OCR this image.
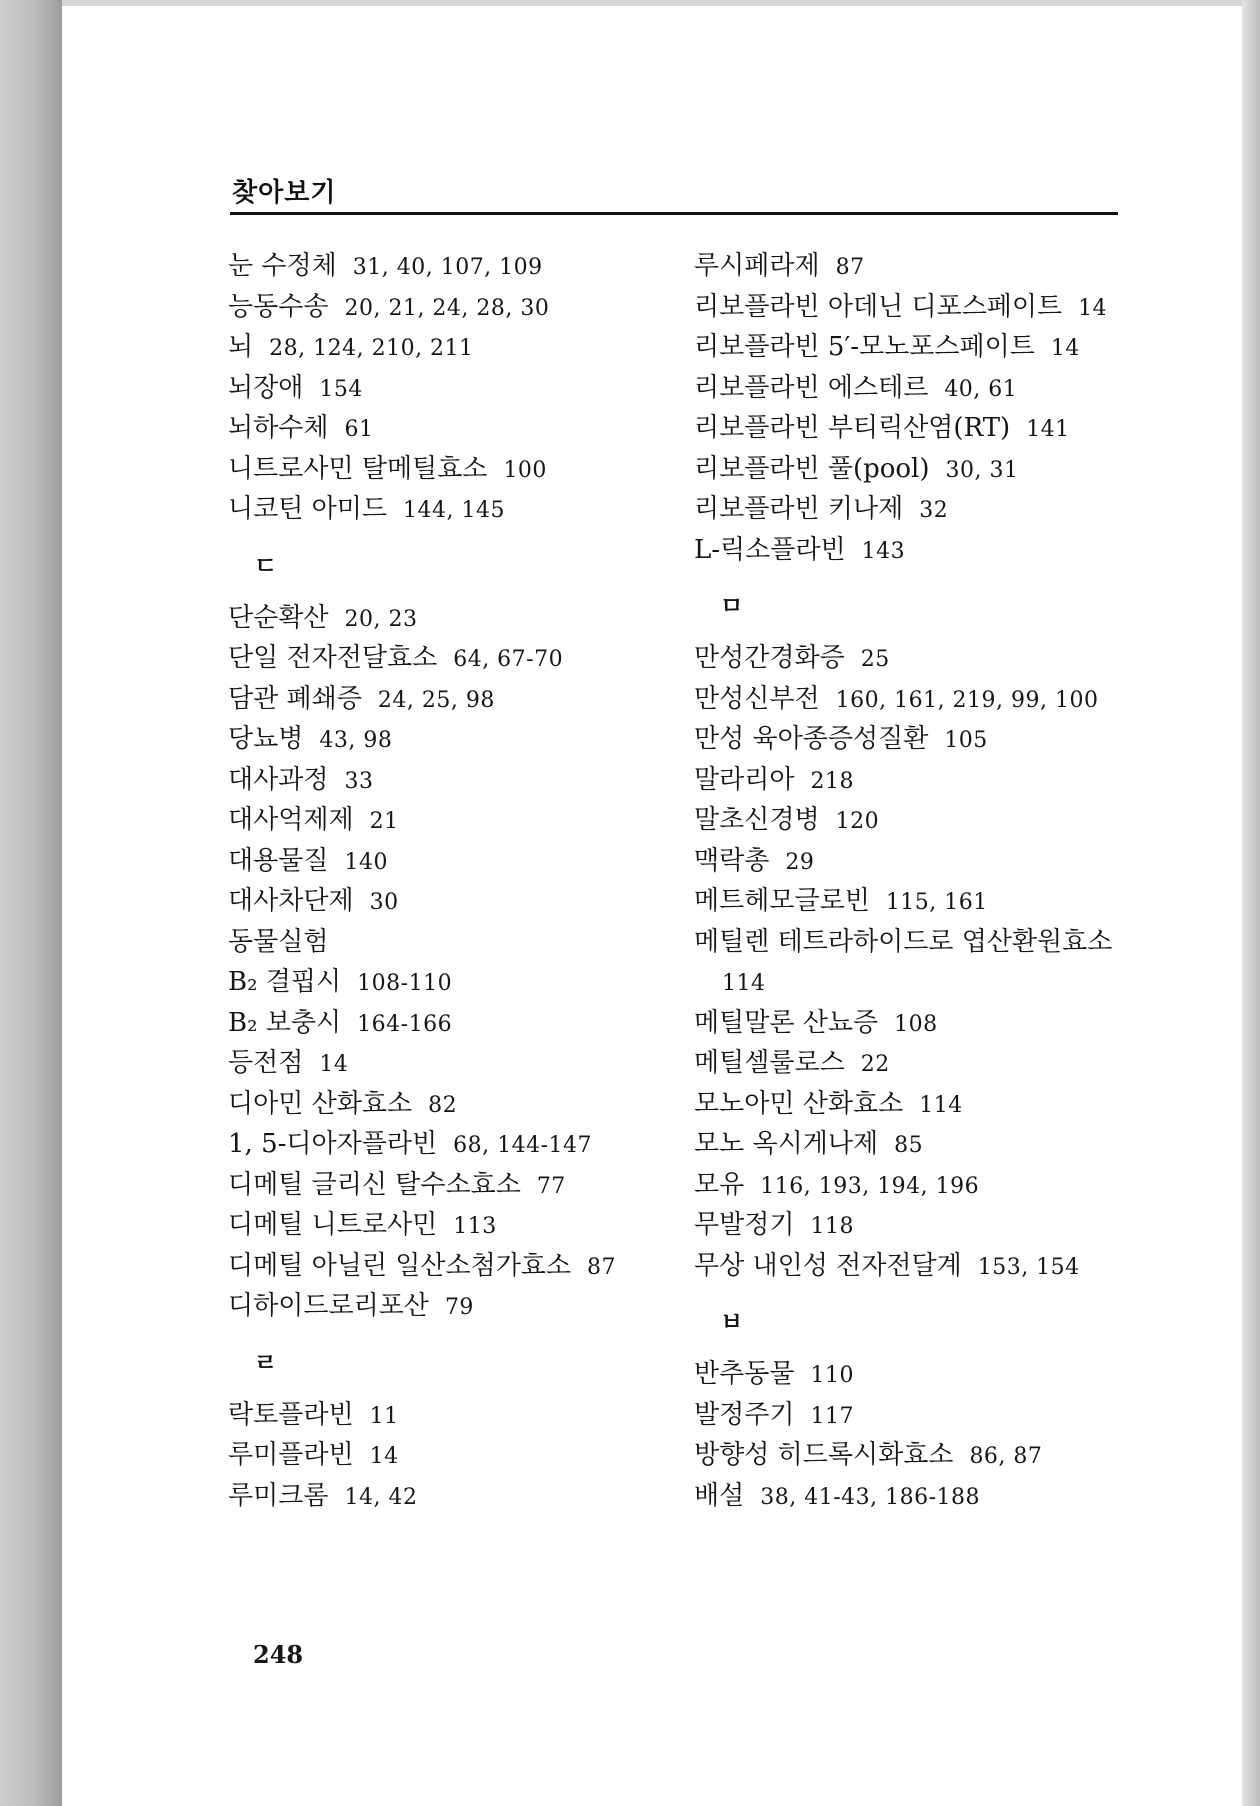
찾아보기
눈 수정체 31, 40, 107, 109
능동수송 20, 21, 24, 28, 30
뇌 28, 124, 210, 211
뇌장애 154
뇌하수체 61
니트로사민 탈메틸효소 100
니코틴 아미드 144, 145
ㄷ
단순확산 20, 23
단일 전자전달효소 64, 67-70
담관 폐쇄증 24, 25, 98
당뇨병 43, 98
대사과정 33
대사억제제 21
대용물질 140
대사차단제 30
동물실험
B₂ 결핍시 108-110
B₂ 보충시 164-166
등전점 14
디아민 산화효소 82
1, 5-디아자플라빈 68, 144-147
디메틸 글리신 탈수소효소 77
디메틸 니트로사민 113
디메틸 아닐린 일산소첨가효소 87
디하이드로리포산 79
ㄹ
락토플라빈 11
루미플라빈 14
루미크롬 14, 42
루시페라제 87
리보플라빈 아데닌 디포스페이트 14
리보플라빈 5′-모노포스페이트 14
리보플라빈 에스테르 40, 61
리보플라빈 부티릭산염(RT) 141
리보플라빈 풀(pool) 30, 31
리보플라빈 키나제 32
L-릭소플라빈 143
ㅁ
만성간경화증 25
만성신부전 160, 161, 219, 99, 100
만성 육아종증성질환 105
말라리아 218
말초신경병 120
맥락총 29
메트헤모글로빈 115, 161
메틸렌 테트라하이드로 엽산환원효소
114
메틸말론 산뇨증 108
메틸셀룰로스 22
모노아민 산화효소 114
모노 옥시게나제 85
모유 116, 193, 194, 196
무발정기 118
무상 내인성 전자전달계 153, 154
ㅂ
반추동물 110
발정주기 117
방향성 히드록시화효소 86, 87
배설 38, 41-43, 186-188
248
